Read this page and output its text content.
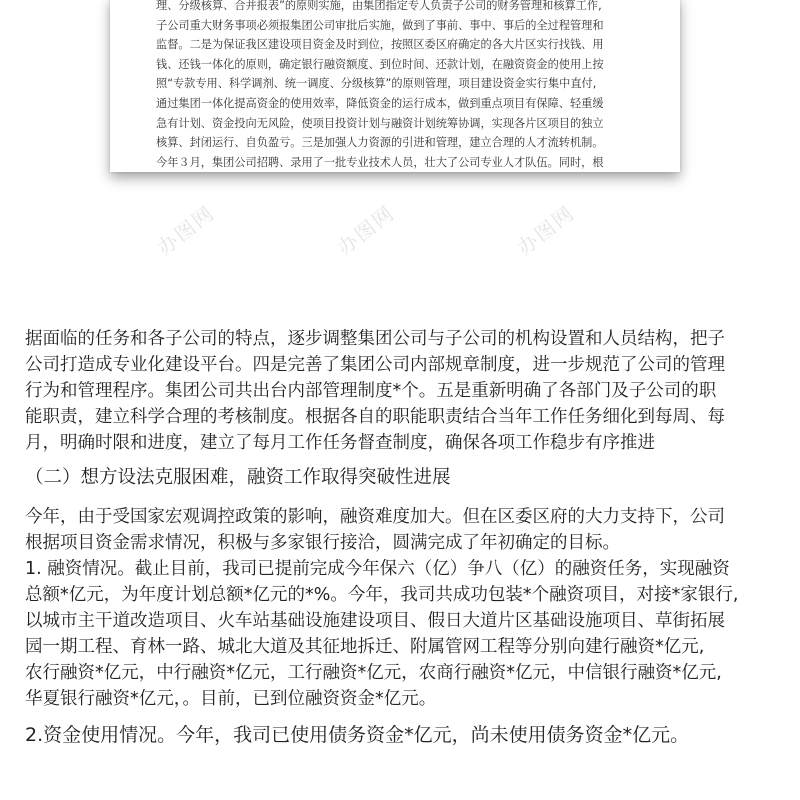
理、分级核算、合并报表”的原则实施，由集团指定专人负责子公司的财务管理和核算工作,
子公司重大财务事项必须报集团公司审批后实施，做到了事前、事中、事后的全过程管理和
监督。二是为保证我区建设项目资金及时到位，按照区委区府确定的各大片区实行找钱、用
钱、还钱一体化的原则，确定银行融资额度、到位时间、还款计划，在融资资金的使用上按
照“专款专用、科学调剂、统一调度、分级核算”的原则管理，项目建设资金实行集中直付,
通过集团一体化提高资金的使用效率，降低资金的运行成本，做到重点项目有保障、轻重缓
急有计划、资金投向无风险，使项目投资计划与融资计划统筹协调，实现各片区项目的独立
核算、封闭运行、自负盈亏。三是加强人力资源的引进和管理，建立合理的人才流转机制。
今年３月，集团公司招聘、录用了一批专业技术人员，壮大了公司专业人才队伍。同时，根
办图网	办图网	办图网
据面临的任务和各子公司的特点，逐步调整集团公司与子公司的机构设置和人员结构，把子
公司打造成专业化建设平台。四是完善了集团公司内部规章制度，进一步规范了公司的管理
行为和管理程序。集团公司共出台内部管理制度*个。五是重新明确了各部门及子公司的职
能职责，建立科学合理的考核制度。根据各自的职能职责结合当年工作任务细化到每周、每
月，明确时限和进度，建立了每月工作任务督查制度，确保各项工作稳步有序推进
（二）想方设法克服困难，融资工作取得突破性进展
今年，由于受国家宏观调控政策的影响，融资难度加大。但在区委区府的大力支持下，公司
根据项目资金需求情况，积极与多家银行接洽，圆满完成了年初确定的目标。
1. 融资情况。截止目前，我司已提前完成今年保六（亿）争八（亿）的融资任务，实现融资
总额*亿元，为年度计划总额*亿元的*%。今年，我司共成功包装*个融资项目，对接*家银行,
以城市主干道改造项目、火车站基础设施建设项目、假日大道片区基础设施项目、草街拓展
园一期工程、育林一路、城北大道及其征地拆迁、附属管网工程等分别向建行融资*亿元,
农行融资*亿元，中行融资*亿元，工行融资*亿元，农商行融资*亿元，中信银行融资*亿元,
华夏银行融资*亿元，。目前，已到位融资资金*亿元。
2.资金使用情况。今年，我司已使用债务资金*亿元，尚未使用债务资金*亿元。
